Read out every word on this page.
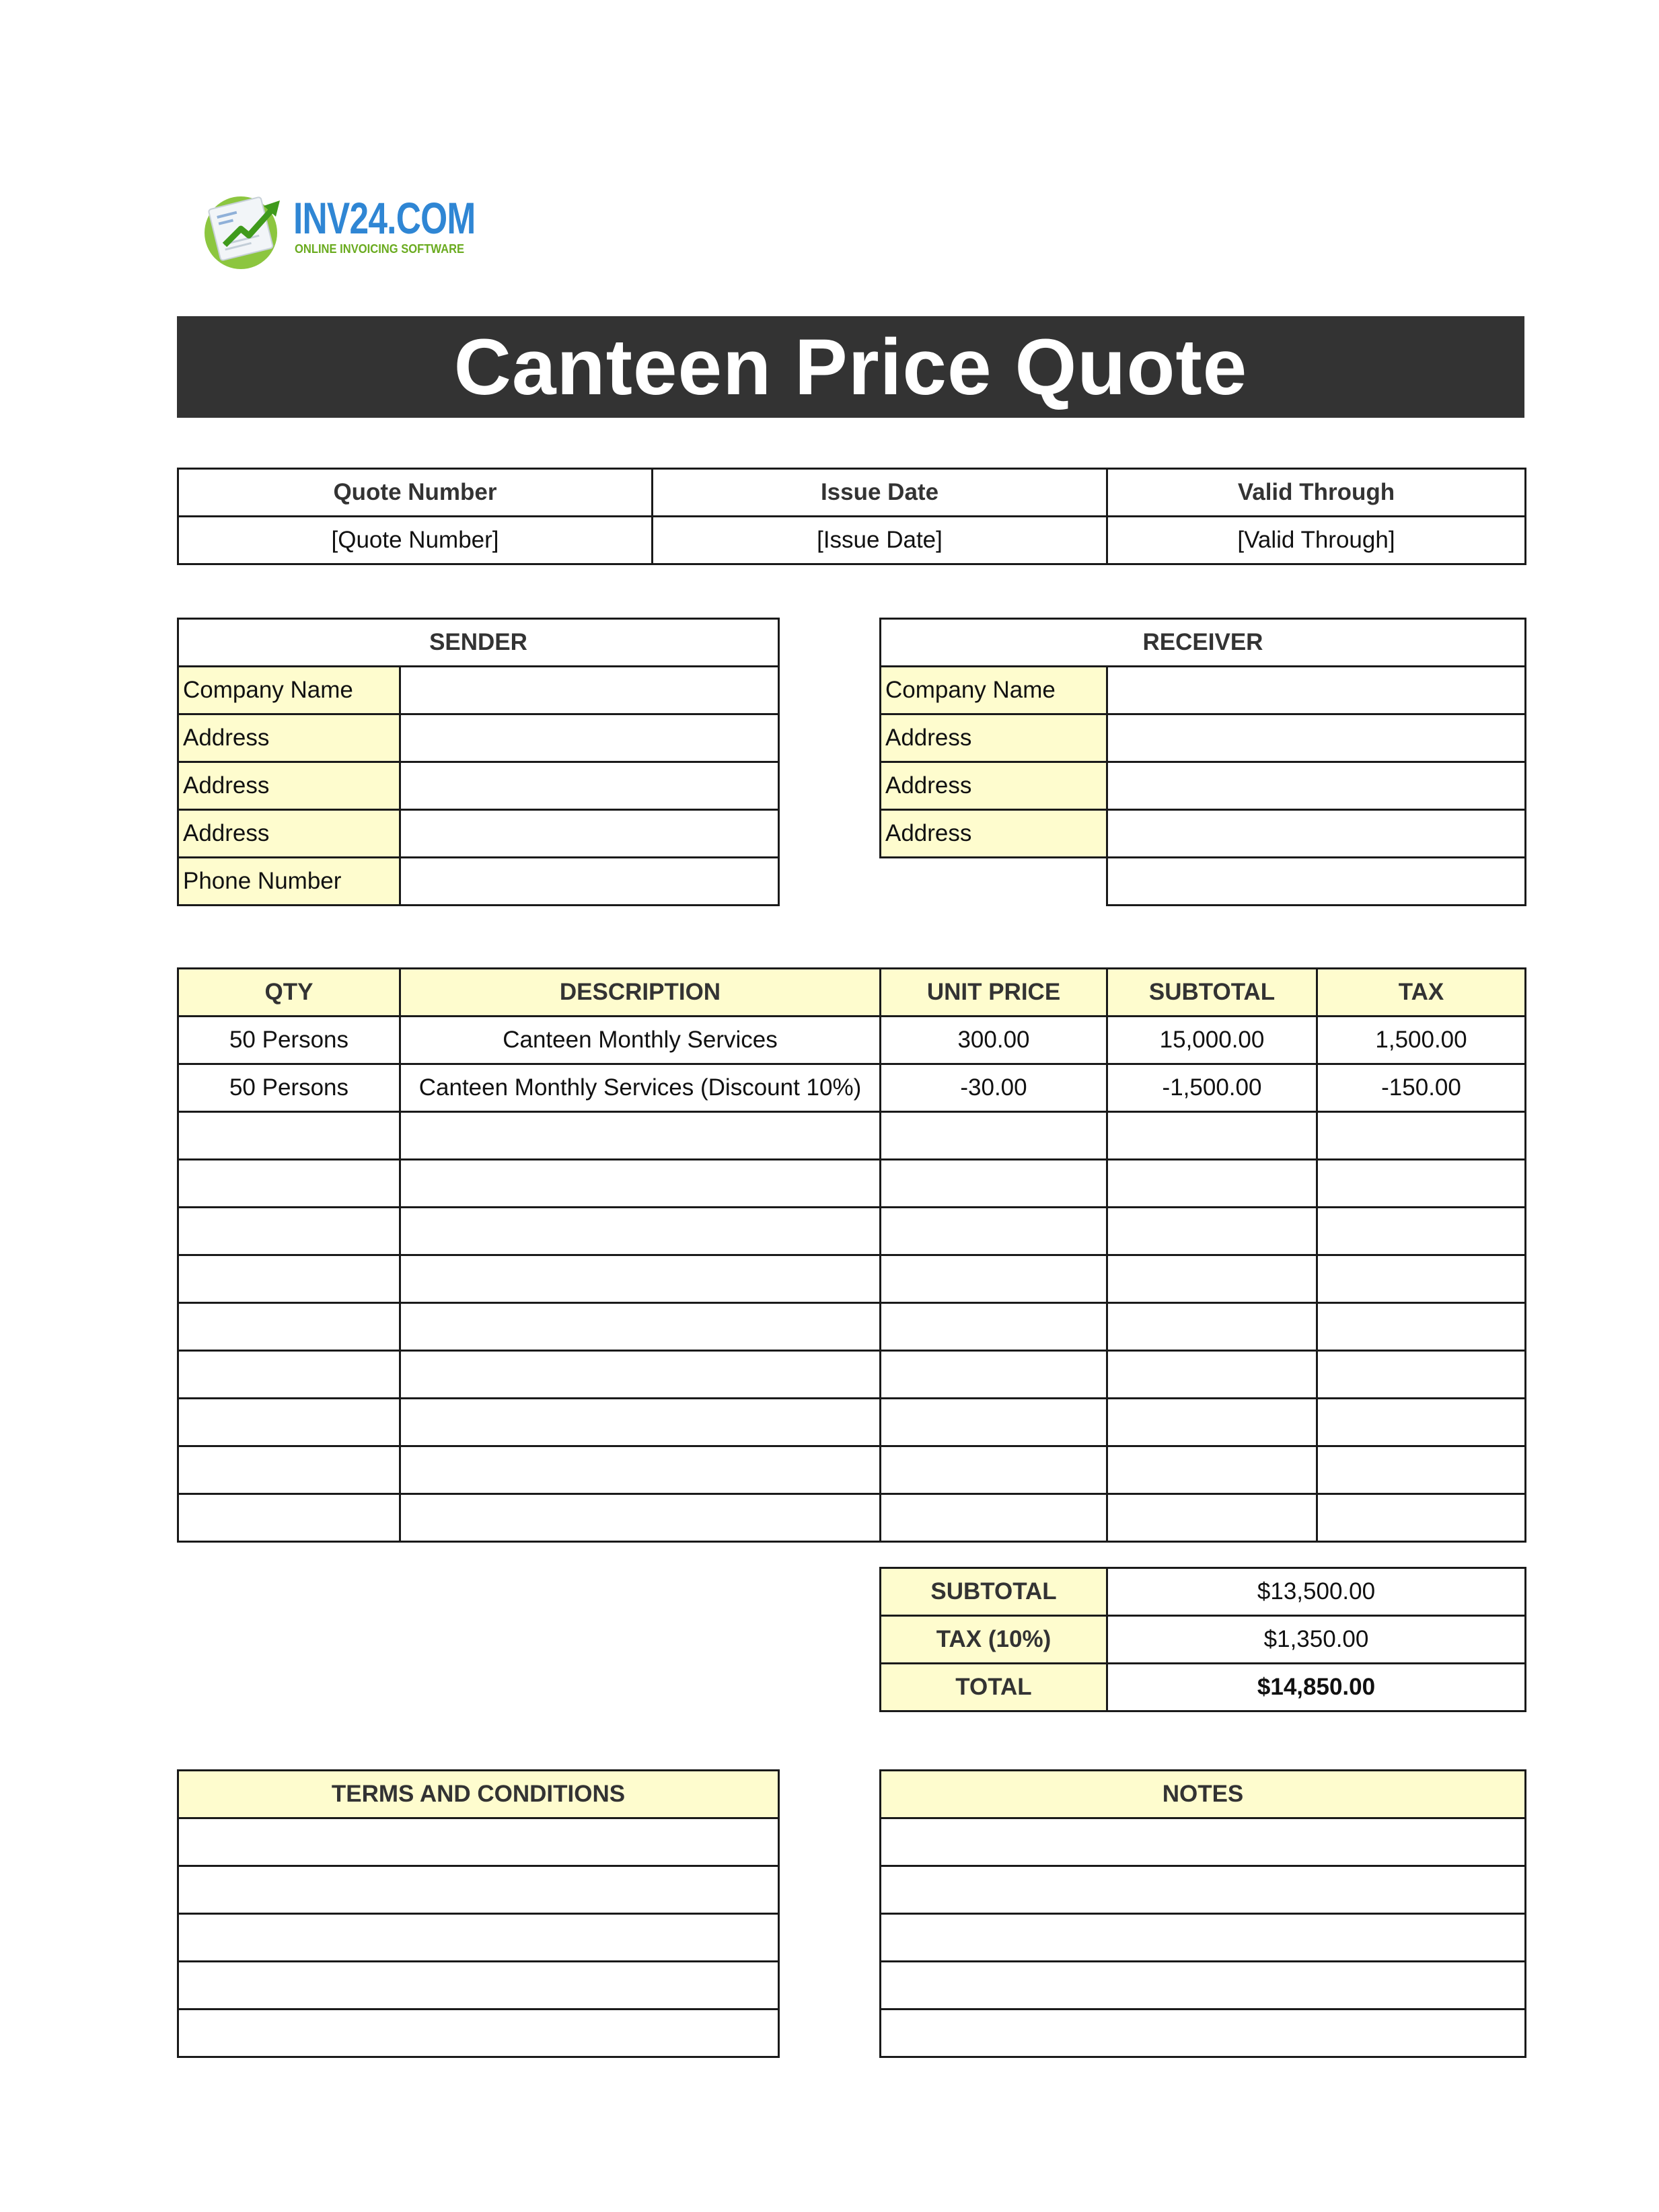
INV24.COM
ONLINE INVOICING SOFTWARE
Canteen Price Quote
Quote Number	Issue Date	Valid Through
[Quote Number]	[Issue Date]	[Valid Through]
SENDER	
Company Name	
Address	
Address	
Address	
Phone Number	
RECEIVER	
Company Name	
Address	
Address	
Address	

QTY	DESCRIPTION	UNIT PRICE	SUBTOTAL	TAX
50 Persons	Canteen Monthly Services	300.00	15,000.00	1,500.00
50 Persons	Canteen Monthly Services (Discount 10%)	-30.00	-1,500.00	-150.00

SUBTOTAL	$13,500.00
TAX (10%)	$1,350.00
TOTAL	$14,850.00
TERMS AND CONDITIONS	NOTES
